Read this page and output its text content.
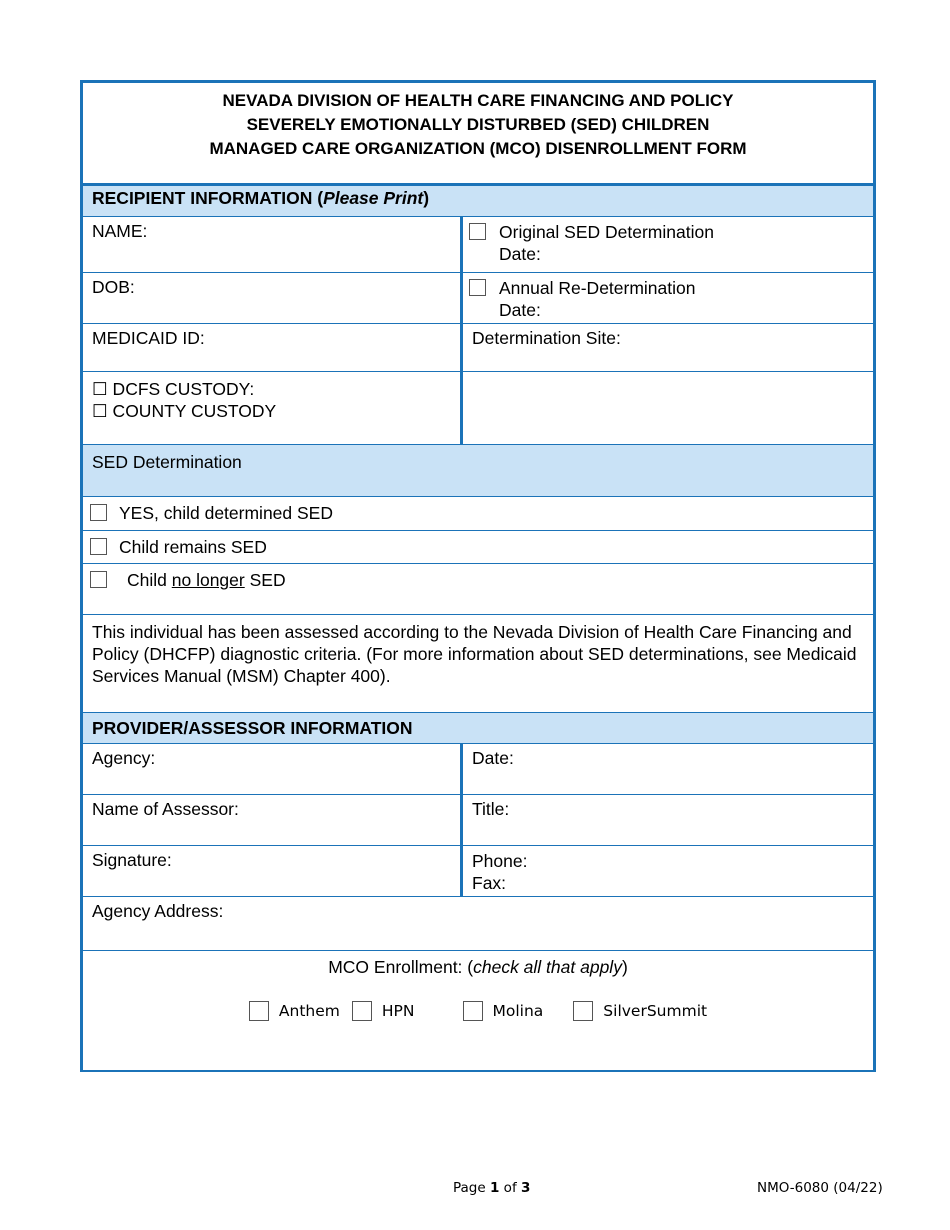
NEVADA DIVISION OF HEALTH CARE FINANCING AND POLICY
SEVERELY EMOTIONALLY DISTURBED (SED) CHILDREN
MANAGED CARE ORGANIZATION (MCO) DISENROLLMENT FORM
RECIPIENT INFORMATION (Please Print)
NAME:	Original SED Determination
Date:
DOB:	Annual Re-Determination
Date:
MEDICAID ID:	Determination Site:
☐ DCFS CUSTODY:
☐ COUNTY CUSTODY
SED Determination
YES, child determined SED
Child remains SED
Child no longer SED
This individual has been assessed according to the Nevada Division of Health Care Financing and Policy (DHCFP) diagnostic criteria. (For more information about SED determinations, see Medicaid Services Manual (MSM) Chapter 400).
PROVIDER/ASSESSOR INFORMATION
Agency:	Date:
Name of Assessor:	Title:
Signature:	Phone:
Fax:
Agency Address:
MCO Enrollment: (check all that apply)
Anthem	HPN	Molina	SilverSummit
Page 1 of 3	NMO-6080 (04/22)
